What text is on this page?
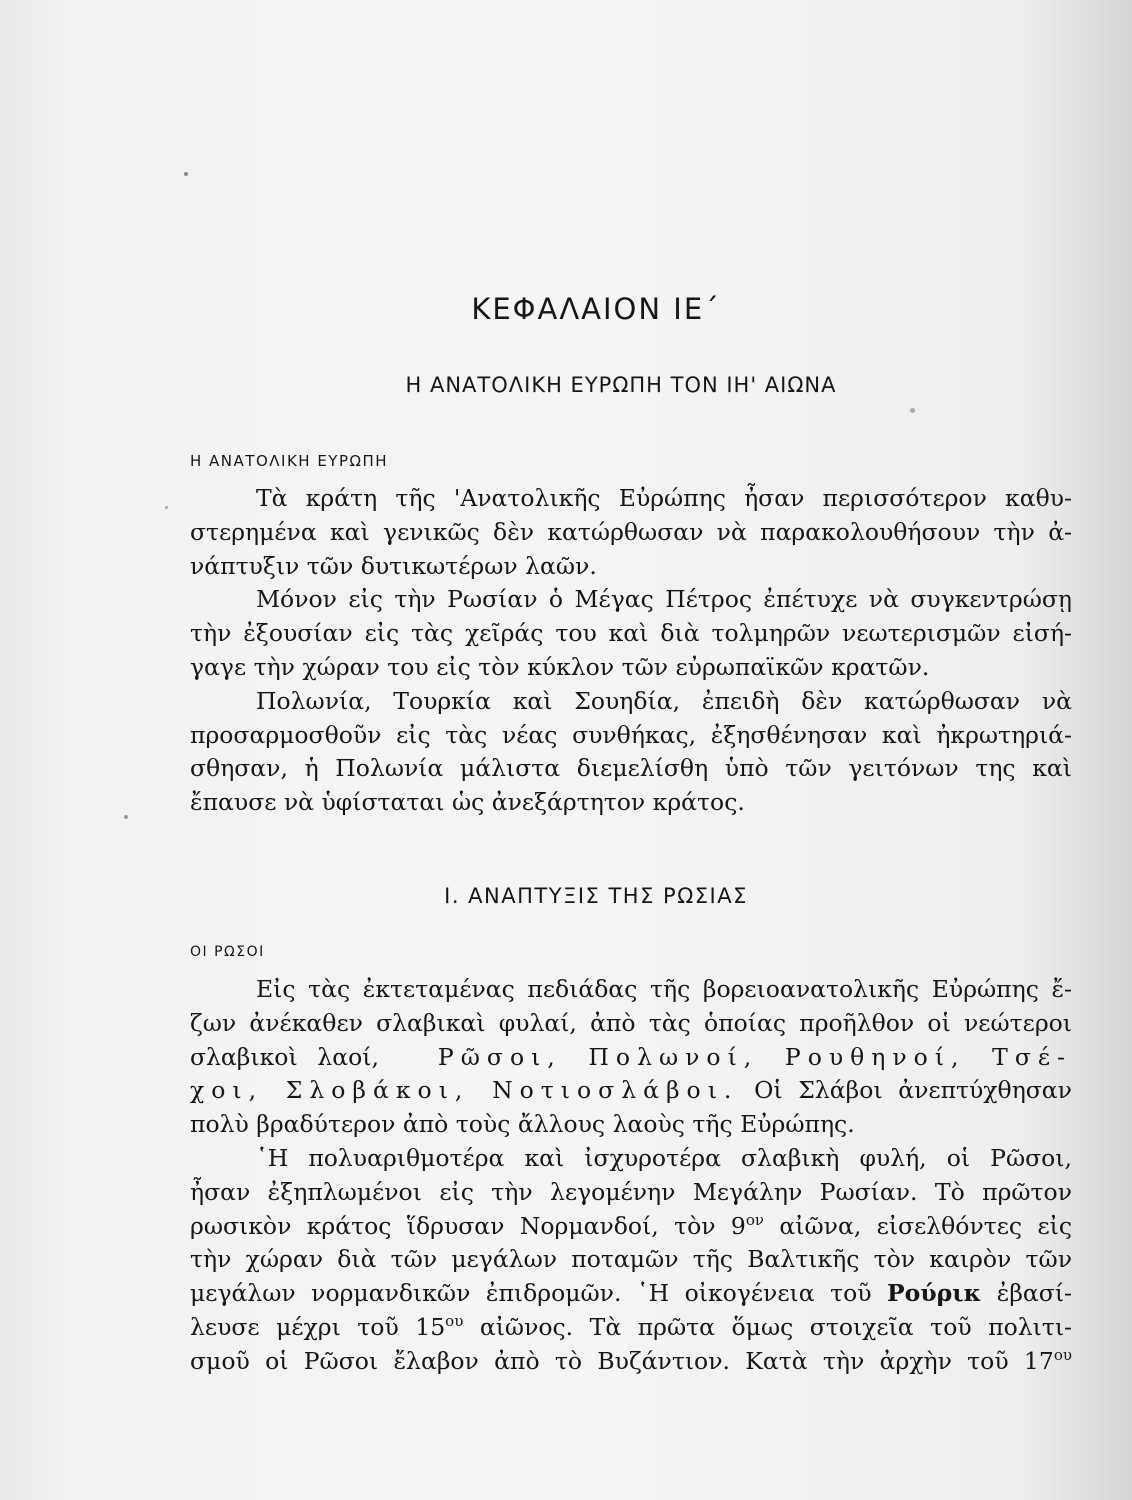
ΚΕΦΑΛΑΙΟΝ ΙΕ΄
Η ΑΝΑΤΟΛΙΚΗ ΕΥΡΩΠΗ ΤΟΝ ΙΗ' ΑΙΩΝΑ
Η ΑΝΑΤΟΛΙΚΗ ΕΥΡΩΠΗ
Τὰ κράτη τῆς 'Ανατολικῆς Εὐρώπης ἦσαν περισσότερον καθυ-
στερημένα καὶ γενικῶς δὲν κατώρθωσαν νὰ παρακολουθήσουν τὴν ἀ-
νάπτυξιν τῶν δυτικωτέρων λαῶν.
Μόνον εἰς τὴν Ρωσίαν ὁ Μέγας Πέτρος ἐπέτυχε νὰ συγκεντρώσῃ
τὴν ἐξουσίαν εἰς τὰς χεῖράς του καὶ διὰ τολμηρῶν νεωτερισμῶν εἰσή-
γαγε τὴν χώραν του εἰς τὸν κύκλον τῶν εὐρωπαϊκῶν κρατῶν.
Πολωνία, Τουρκία καὶ Σουηδία, ἐπειδὴ δὲν κατώρθωσαν νὰ
προσαρμοσθοῦν εἰς τὰς νέας συνθήκας, ἐξησθένησαν καὶ ἠκρωτηριά-
σθησαν, ἡ Πολωνία μάλιστα διεμελίσθη ὑπὸ τῶν γειτόνων της καὶ
ἔπαυσε νὰ ὑφίσταται ὡς ἀνεξάρτητον κράτος.
Ι. ΑΝΑΠΤΥΞΙΣ ΤΗΣ ΡΩΣΙΑΣ
ΟΙ ΡΩΣΟΙ
Εἰς τὰς ἐκτεταμένας πεδιάδας τῆς βορειοανατολικῆς Εὐρώπης ἔ-
ζων ἀνέκαθεν σλαβικαὶ φυλαί, ἀπὸ τὰς ὁποίας προῆλθον οἱ νεώτεροι
σλαβικοὶ λαοί,	Ρῶσοι, Πολωνοί, Ρουθηνοί, Τσέ-
χοι, Σλοβάκοι, Νοτιοσλάβοι. Οἱ Σλάβοι ἀνεπτύχθησαν
πολὺ βραδύτερον ἀπὸ τοὺς ἄλλους λαοὺς τῆς Εὐρώπης.
῾Η πολυαριθμοτέρα καὶ ἰσχυροτέρα σλαβικὴ φυλή, οἱ Ρῶσοι,
ἦσαν ἐξηπλωμένοι εἰς τὴν λεγομένην Μεγάλην Ρωσίαν. Τὸ πρῶτον
ρωσικὸν κράτος ἵδρυσαν Νορμανδοί, τὸν $9^{o\nu}$ αἰῶνα, εἰσελθόντες εἰς
τὴν χώραν διὰ τῶν μεγάλων ποταμῶν τῆς Βαλτικῆς τὸν καιρὸν τῶν
μεγάλων νορμανδικῶν ἐπιδρομῶν. ῾Η οἰκογένεια τοῦ Ρούρικ ἐβασί-
λευσε μέχρι τοῦ $15^{o\upsilon}$ αἰῶνος. Τὰ πρῶτα ὅμως στοιχεῖα τοῦ πολιτι-
σμοῦ οἱ Ρῶσοι ἔλαβον ἀπὸ τὸ Βυζάντιον. Κατὰ τὴν ἀρχὴν τοῦ $17^{o\upsilon}$
